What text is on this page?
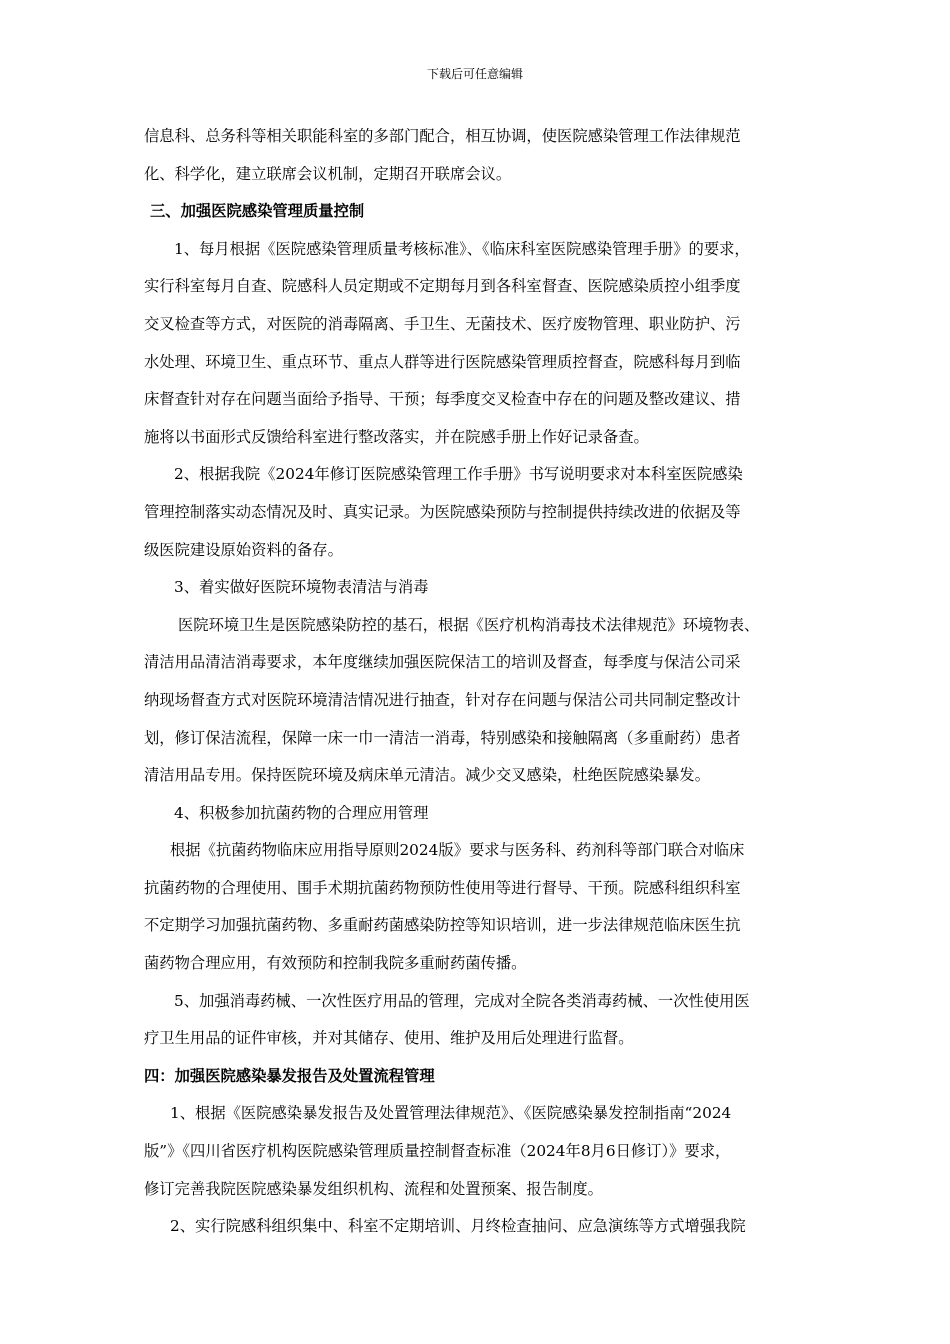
下载后可任意编辑
信息科、总务科等相关职能科室的多部门配合，相互协调，使医院感染管理工作法律规范
化、科学化，建立联席会议机制，定期召开联席会议。
三、加强医院感染管理质量控制
1、每月根据《医院感染管理质量考核标准》、《临床科室医院感染管理手册》的要求，
实行科室每月自查、院感科人员定期或不定期每月到各科室督查、医院感染质控小组季度
交叉检查等方式，对医院的消毒隔离、手卫生、无菌技术、医疗废物管理、职业防护、污
水处理、环境卫生、重点环节、重点人群等进行医院感染管理质控督查，院感科每月到临
床督查针对存在问题当面给予指导、干预；每季度交叉检查中存在的问题及整改建议、措
施将以书面形式反馈给科室进行整改落实，并在院感手册上作好记录备查。
2、根据我院《2024年修订医院感染管理工作手册》书写说明要求对本科室医院感染
管理控制落实动态情况及时、真实记录。为医院感染预防与控制提供持续改进的依据及等
级医院建设原始资料的备存。
3、着实做好医院环境物表清洁与消毒
医院环境卫生是医院感染防控的基石，根据《医疗机构消毒技术法律规范》环境物表、
清洁用品清洁消毒要求，本年度继续加强医院保洁工的培训及督查，每季度与保洁公司采
纳现场督查方式对医院环境清洁情况进行抽查，针对存在问题与保洁公司共同制定整改计
划，修订保洁流程，保障一床一巾一清洁一消毒，特别感染和接触隔离（多重耐药）患者
清洁用品专用。保持医院环境及病床单元清洁。减少交叉感染，杜绝医院感染暴发。
4、积极参加抗菌药物的合理应用管理
根据《抗菌药物临床应用指导原则2024版》要求与医务科、药剂科等部门联合对临床
抗菌药物的合理使用、围手术期抗菌药物预防性使用等进行督导、干预。院感科组织科室
不定期学习加强抗菌药物、多重耐药菌感染防控等知识培训，进一步法律规范临床医生抗
菌药物合理应用，有效预防和控制我院多重耐药菌传播。
5、加强消毒药械、一次性医疗用品的管理，完成对全院各类消毒药械、一次性使用医
疗卫生用品的证件审核，并对其储存、使用、维护及用后处理进行监督。
四：加强医院感染暴发报告及处置流程管理
1、根据《医院感染暴发报告及处置管理法律规范》、《医院感染暴发控制指南“2024
版”》《四川省医疗机构医院感染管理质量控制督查标准（2024年8月6日修订）》要求，
修订完善我院医院感染暴发组织机构、流程和处置预案、报告制度。
2、实行院感科组织集中、科室不定期培训、月终检查抽问、应急演练等方式增强我院
